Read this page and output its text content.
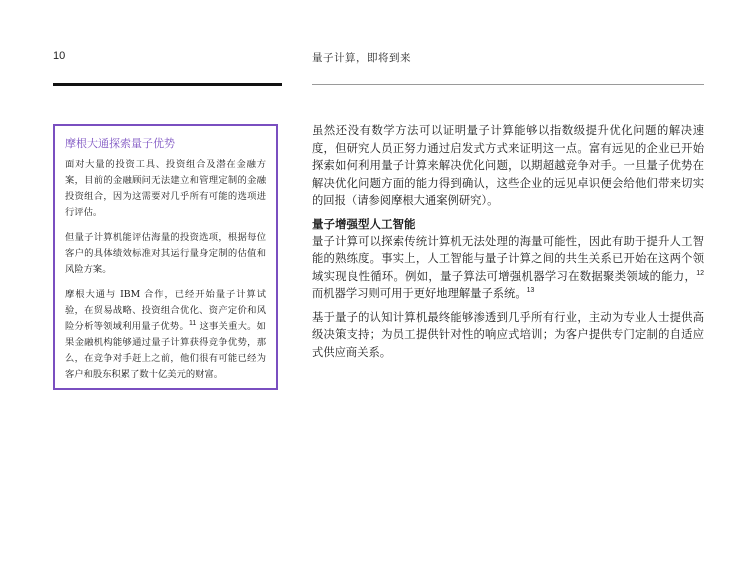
10	量子计算，即将到来
摩根大通探索量子优势

面对大量的投资工具、投资组合及潜在金融方案，目前的金融顾问无法建立和管理定制的金融投资组合，因为这需要对几乎所有可能的选项进行评估。

但量子计算机能评估海量的投资选项，根据每位客户的具体绩效标准对其运行量身定制的估值和风险方案。

摩根大通与 IBM 合作，已经开始量子计算试验，在贸易战略、投资组合优化、资产定价和风险分析等领域利用量子优势。$^{11}$ 这事关重大。如果金融机构能够通过量子计算获得竞争优势，那么，在竞争对手赶上之前，他们很有可能已经为客户和股东积累了数十亿美元的财富。

虽然还没有数学方法可以证明量子计算能够以指数级提升优化问题的解决速度，但研究人员正努力通过启发式方式来证明这一点。富有远见的企业已开始探索如何利用量子计算来解决优化问题，以期超越竞争对手。一旦量子优势在解决优化问题方面的能力得到确认，这些企业的远见卓识便会给他们带来切实的回报（请参阅摩根大通案例研究）。

量子增强型人工智能

量子计算可以探索传统计算机无法处理的海量可能性，因此有助于提升人工智能的熟练度。事实上，人工智能与量子计算之间的共生关系已开始在这两个领域实现良性循环。例如，量子算法可增强机器学习在数据聚类领域的能力，$^{12}$ 而机器学习则可用于更好地理解量子系统。$^{13}$

基于量子的认知计算机最终能够渗透到几乎所有行业，主动为专业人士提供高级决策支持；为员工提供针对性的响应式培训；为客户提供专门定制的自适应式供应商关系。
